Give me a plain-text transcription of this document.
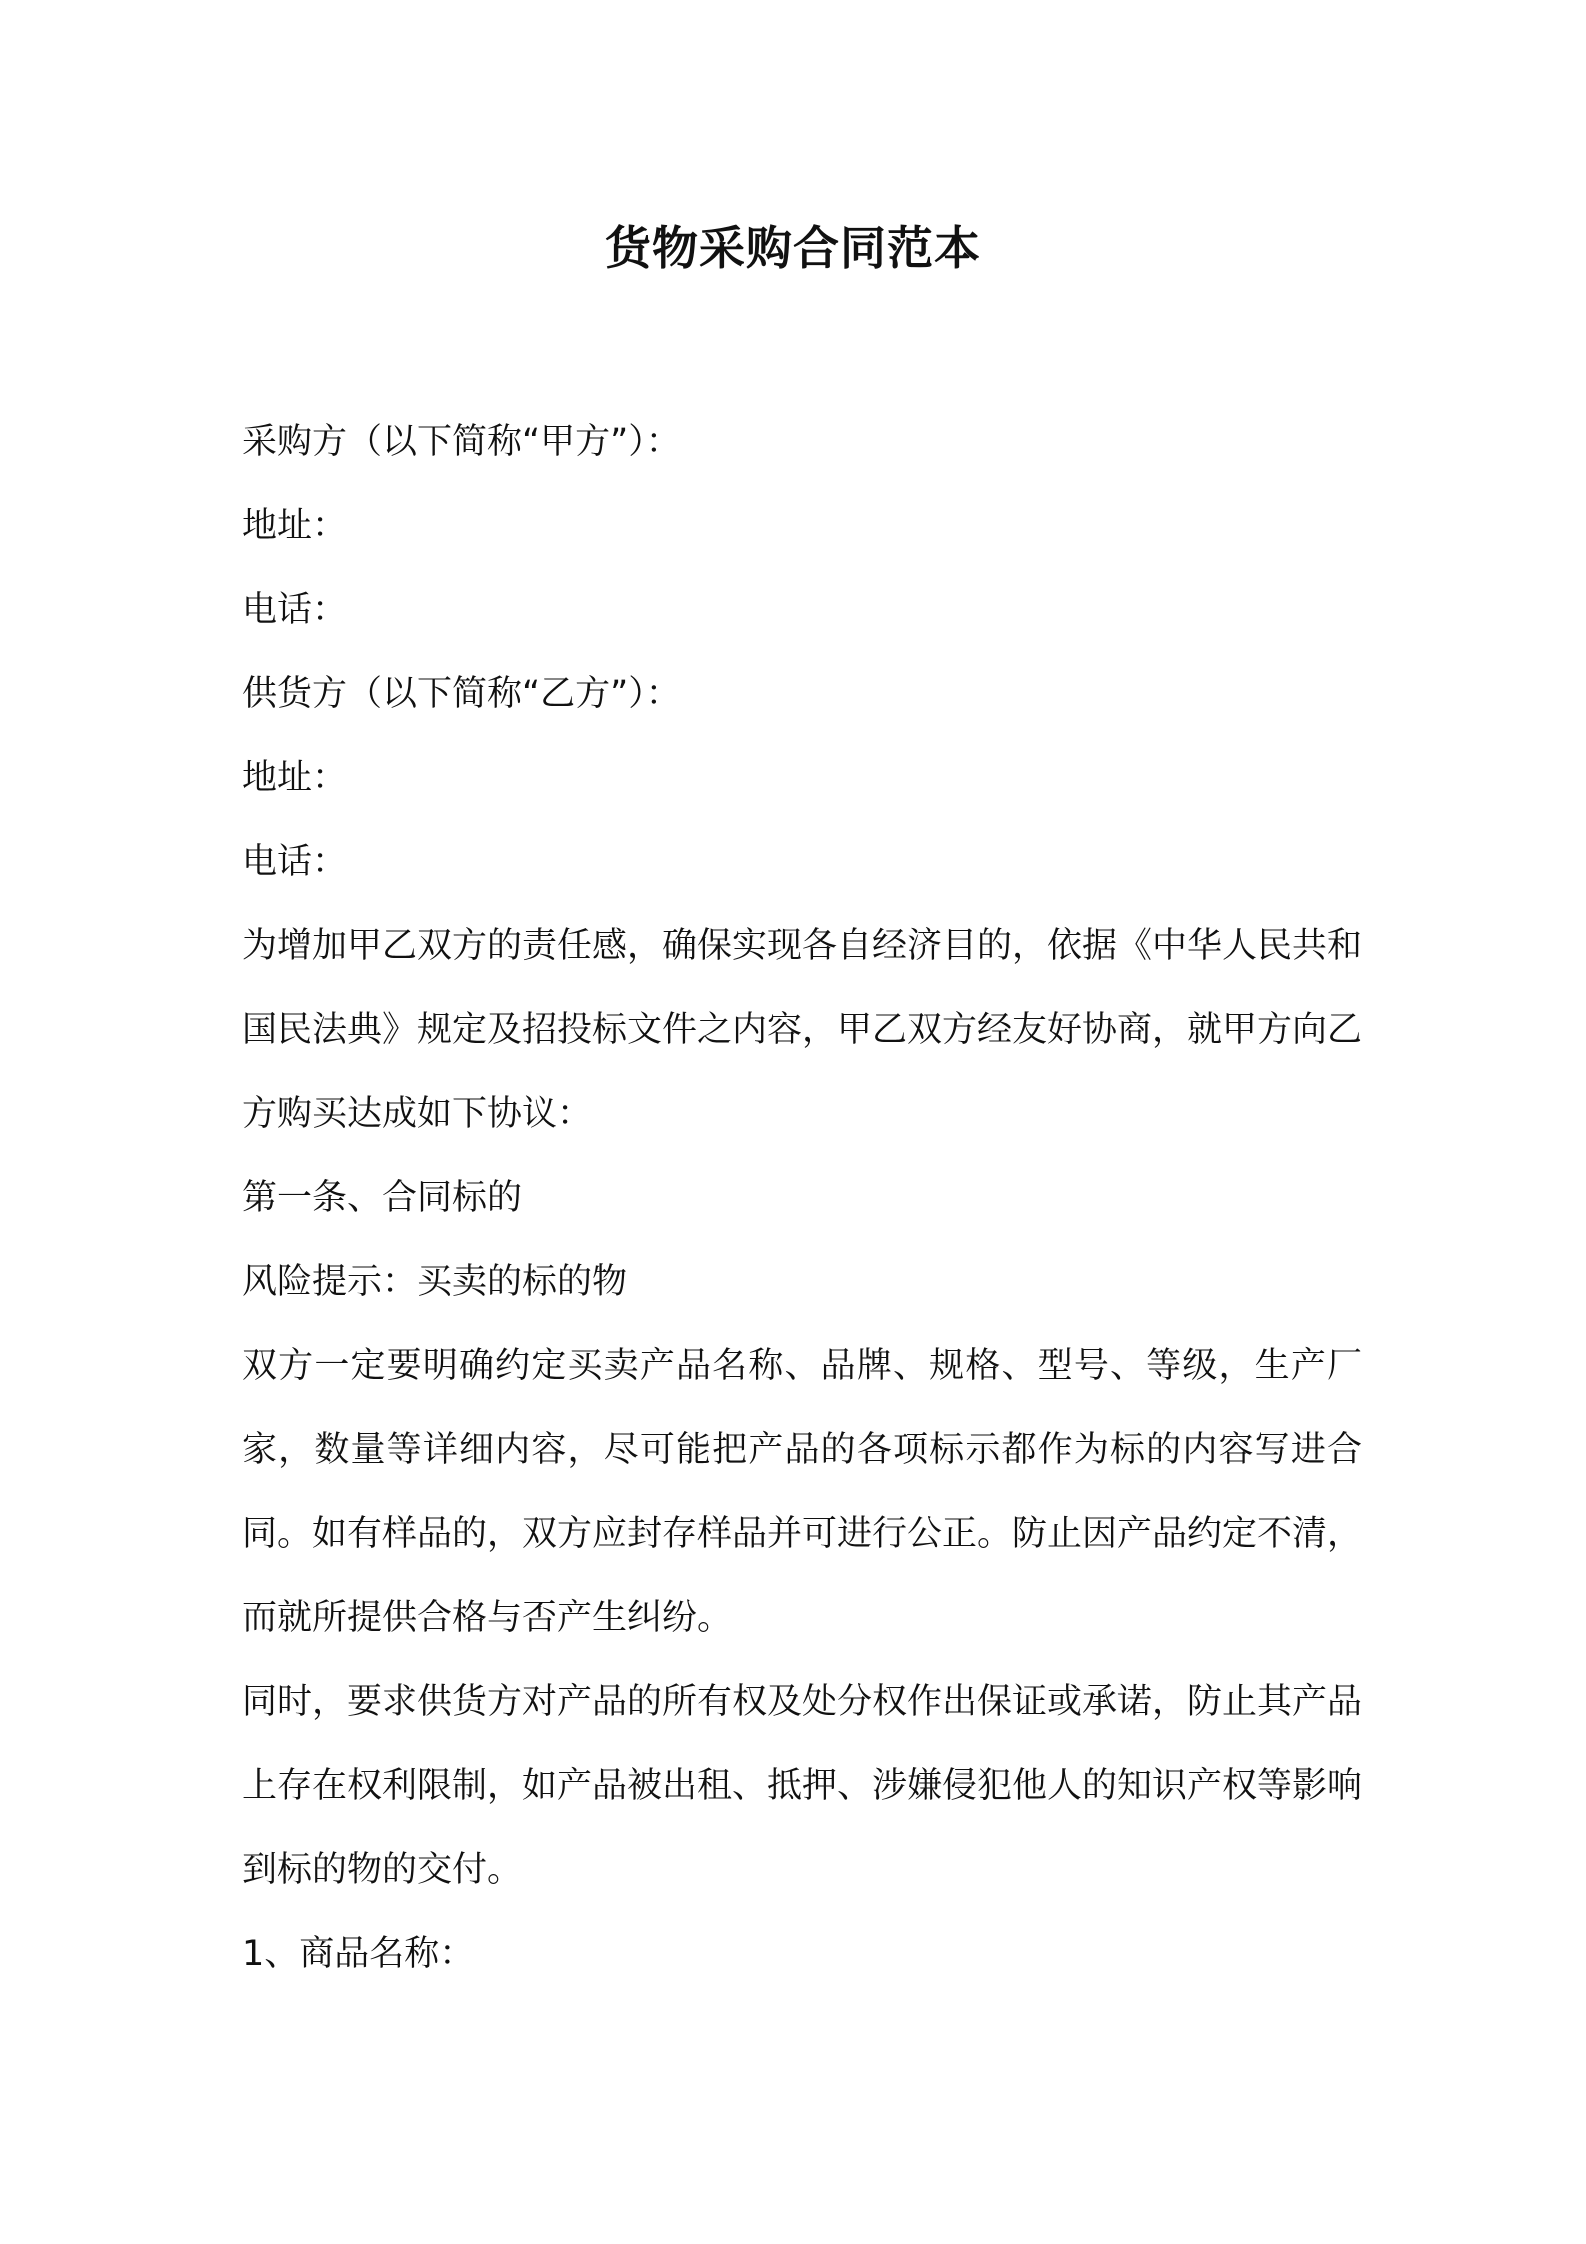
货物采购合同范本

采购方（以下简称“甲方”）：

地址：

电话：

供货方（以下简称“乙方”）：

地址：

电话：

为增加甲乙双方的责任感，确保实现各自经济目的，依据《中华人民共和国民法典》规定及招投标文件之内容，甲乙双方经友好协商，就甲方向乙方购买达成如下协议：

第一条、合同标的

风险提示：买卖的标的物

双方一定要明确约定买卖产品名称、品牌、规格、型号、等级，生产厂家，数量等详细内容，尽可能把产品的各项标示都作为标的内容写进合同。如有样品的，双方应封存样品并可进行公正。防止因产品约定不清，而就所提供合格与否产生纠纷。

同时，要求供货方对产品的所有权及处分权作出保证或承诺，防止其产品上存在权利限制，如产品被出租、抵押、涉嫌侵犯他人的知识产权等影响到标的物的交付。

1、商品名称：
